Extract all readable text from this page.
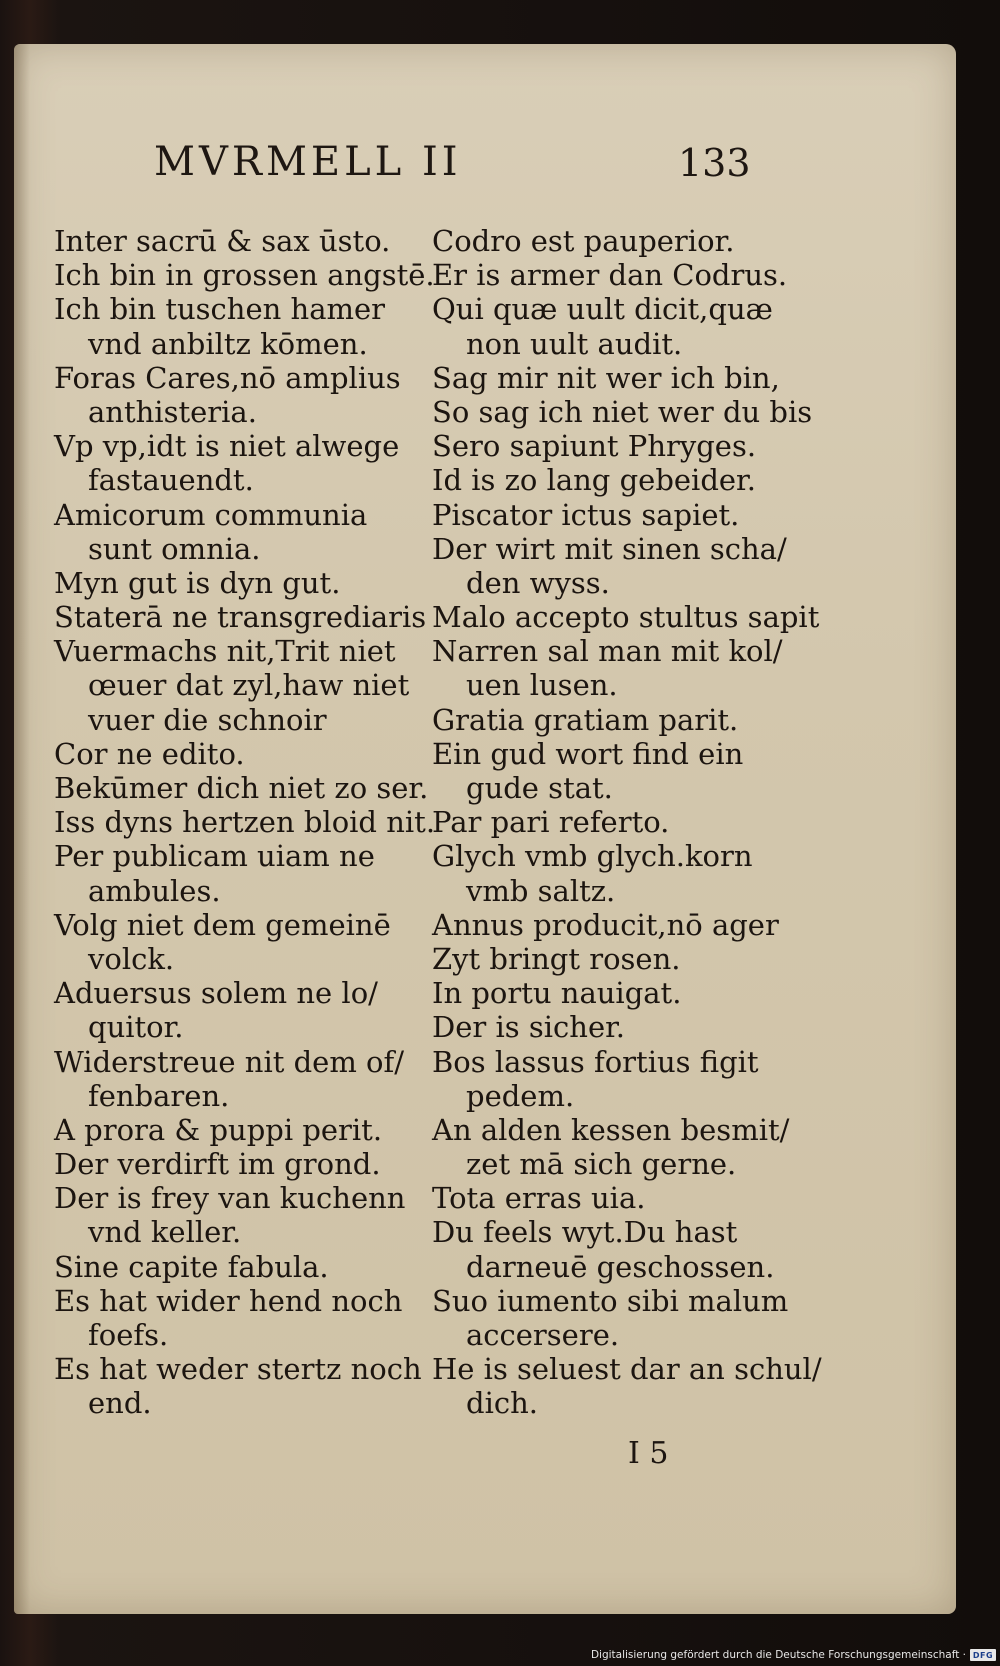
MVRMELL II	133
Inter sacrū & sax ūsto.
Ich bin in grossen angstē.
Ich bin tuschen hamer
vnd anbiltz kōmen.
Foras Cares,nō amplius
anthisteria.
Vp vp,idt is niet alwege
fastauendt.
Amicorum communia
sunt omnia.
Myn gut is dyn gut.
Staterā ne transgrediaris
Vuermachs nit,Trit niet
œuer dat zyl,haw niet
vuer die schnoir
Cor ne edito.
Bekūmer dich niet zo ser.
Iss dyns hertzen bloid nit.
Per publicam uiam ne
ambules.
Volg niet dem gemeinē
volck.
Aduersus solem ne lo/
quitor.
Widerstreue nit dem of/
fenbaren.
A prora & puppi perit.
Der verdirft im grond.
Der is frey van kuchenn
vnd keller.
Sine capite fabula.
Es hat wider hend noch
foefs.
Es hat weder stertz noch
end.
Codro est pauperior.
Er is armer dan Codrus.
Qui quæ uult dicit,quæ
non uult audit.
Sag mir nit wer ich bin,
So sag ich niet wer du bis
Sero sapiunt Phryges.
Id is zo lang gebeider.
Piscator ictus sapiet.
Der wirt mit sinen scha/
den wyss.
Malo accepto stultus sapit
Narren sal man mit kol/
uen lusen.
Gratia gratiam parit.
Ein gud wort find ein
gude stat.
Par pari referto.
Glych vmb glych.korn
vmb saltz.
Annus producit,nō ager
Zyt bringt rosen.
In portu nauigat.
Der is sicher.
Bos lassus fortius figit
pedem.
An alden kessen besmit/
zet mā sich gerne.
Tota erras uia.
Du feels wyt.Du hast
darneuē geschossen.
Suo iumento sibi malum
accersere.
He is seluest dar an schul/
dich.
I 5
Digitalisierung gefördert durch die Deutsche Forschungsgemeinschaft · DFG
